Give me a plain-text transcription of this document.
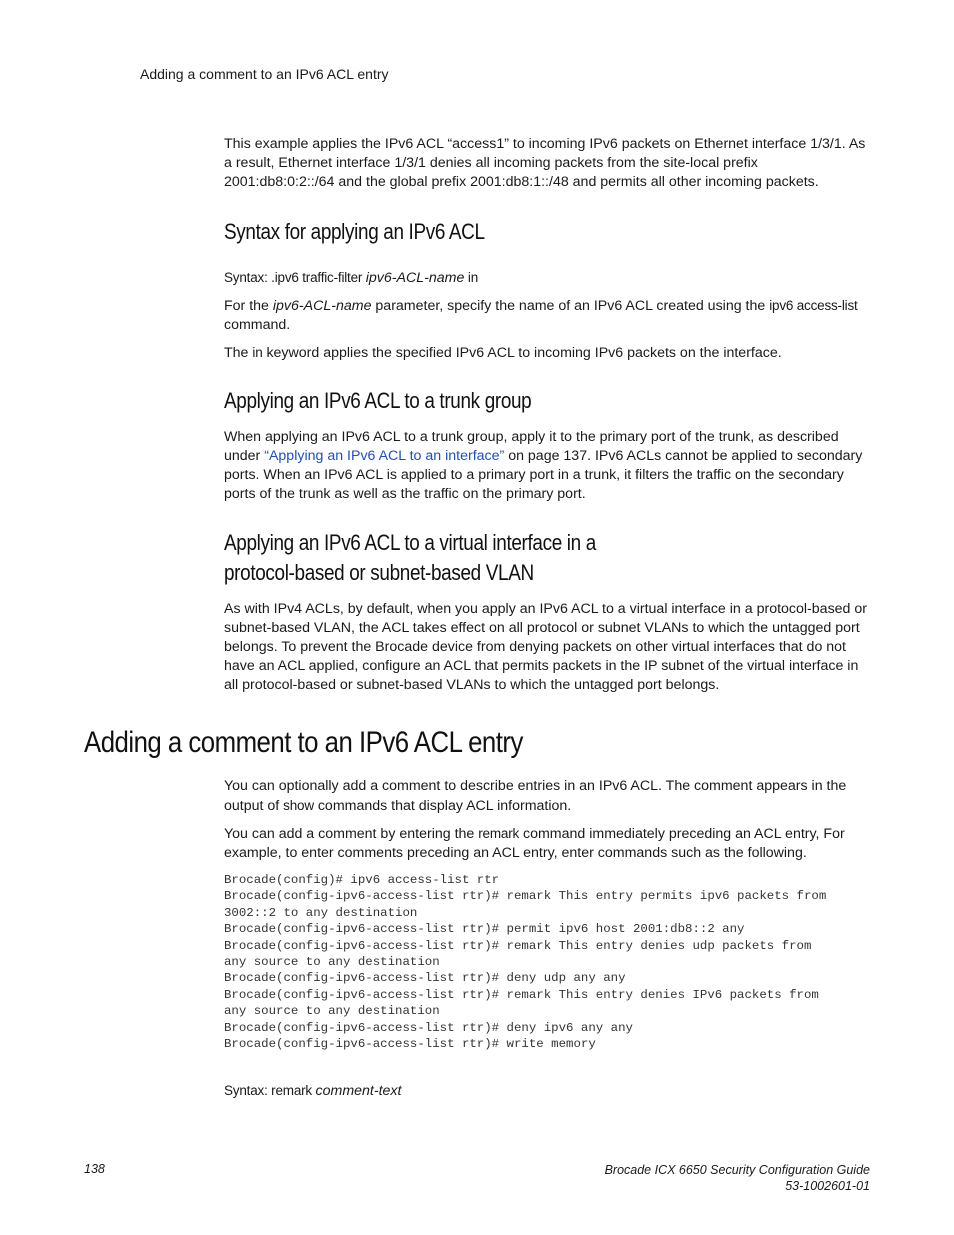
Adding a comment to an IPv6 ACL entry

This example applies the IPv6 ACL “access1” to incoming IPv6 packets on Ethernet interface 1/3/1. As a result, Ethernet interface 1/3/1 denies all incoming packets from the site-local prefix 2001:db8:0:2::/64 and the global prefix 2001:db8:1::/48 and permits all other incoming packets.

Syntax for applying an IPv6 ACL

Syntax: .ipv6 traffic-filter ipv6-ACL-name in

For the ipv6-ACL-name parameter, specify the name of an IPv6 ACL created using the ipv6 access-list command.

The in keyword applies the specified IPv6 ACL to incoming IPv6 packets on the interface.

Applying an IPv6 ACL to a trunk group

When applying an IPv6 ACL to a trunk group, apply it to the primary port of the trunk, as described under “Applying an IPv6 ACL to an interface” on page 137. IPv6 ACLs cannot be applied to secondary ports. When an IPv6 ACL is applied to a primary port in a trunk, it filters the traffic on the secondary ports of the trunk as well as the traffic on the primary port.

Applying an IPv6 ACL to a virtual interface in a
protocol-based or subnet-based VLAN

As with IPv4 ACLs, by default, when you apply an IPv6 ACL to a virtual interface in a protocol-based or subnet-based VLAN, the ACL takes effect on all protocol or subnet VLANs to which the untagged port belongs. To prevent the Brocade device from denying packets on other virtual interfaces that do not have an ACL applied, configure an ACL that permits packets in the IP subnet of the virtual interface in all protocol-based or subnet-based VLANs to which the untagged port belongs.

Adding a comment to an IPv6 ACL entry

You can optionally add a comment to describe entries in an IPv6 ACL. The comment appears in the output of show commands that display ACL information.

You can add a comment by entering the remark command immediately preceding an ACL entry, For example, to enter comments preceding an ACL entry, enter commands such as the following.

Brocade(config)# ipv6 access-list rtr
Brocade(config-ipv6-access-list rtr)# remark This entry permits ipv6 packets from
3002::2 to any destination
Brocade(config-ipv6-access-list rtr)# permit ipv6 host 2001:db8::2 any
Brocade(config-ipv6-access-list rtr)# remark This entry denies udp packets from
any source to any destination
Brocade(config-ipv6-access-list rtr)# deny udp any any
Brocade(config-ipv6-access-list rtr)# remark This entry denies IPv6 packets from
any source to any destination
Brocade(config-ipv6-access-list rtr)# deny ipv6 any any
Brocade(config-ipv6-access-list rtr)# write memory

Syntax: remark comment-text

138	Brocade ICX 6650 Security Configuration Guide
53-1002601-01
